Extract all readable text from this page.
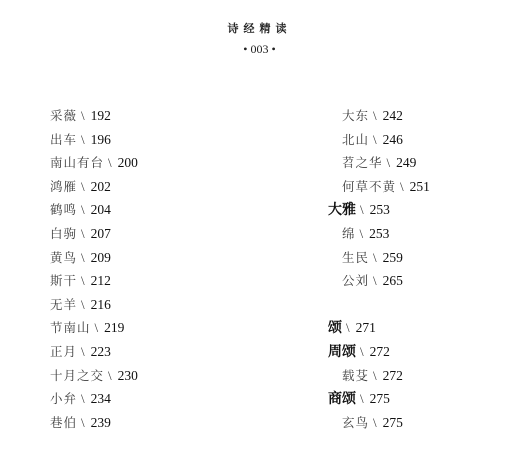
诗经精读
• 003 •
采薇 \ 192
出车 \ 196
南山有台 \ 200
鸿雁 \ 202
鹤鸣 \ 204
白驹 \ 207
黄鸟 \ 209
斯干 \ 212
无羊 \ 216
节南山 \ 219
正月 \ 223
十月之交 \ 230
小弁 \ 234
巷伯 \ 239
大东 \ 242
北山 \ 246
苕之华 \ 249
何草不黄 \ 251
大雅 \ 253
绵 \ 253
生民 \ 259
公刘 \ 265
颂 \ 271
周颂 \ 272
载芟 \ 272
商颂 \ 275
玄鸟 \ 275
